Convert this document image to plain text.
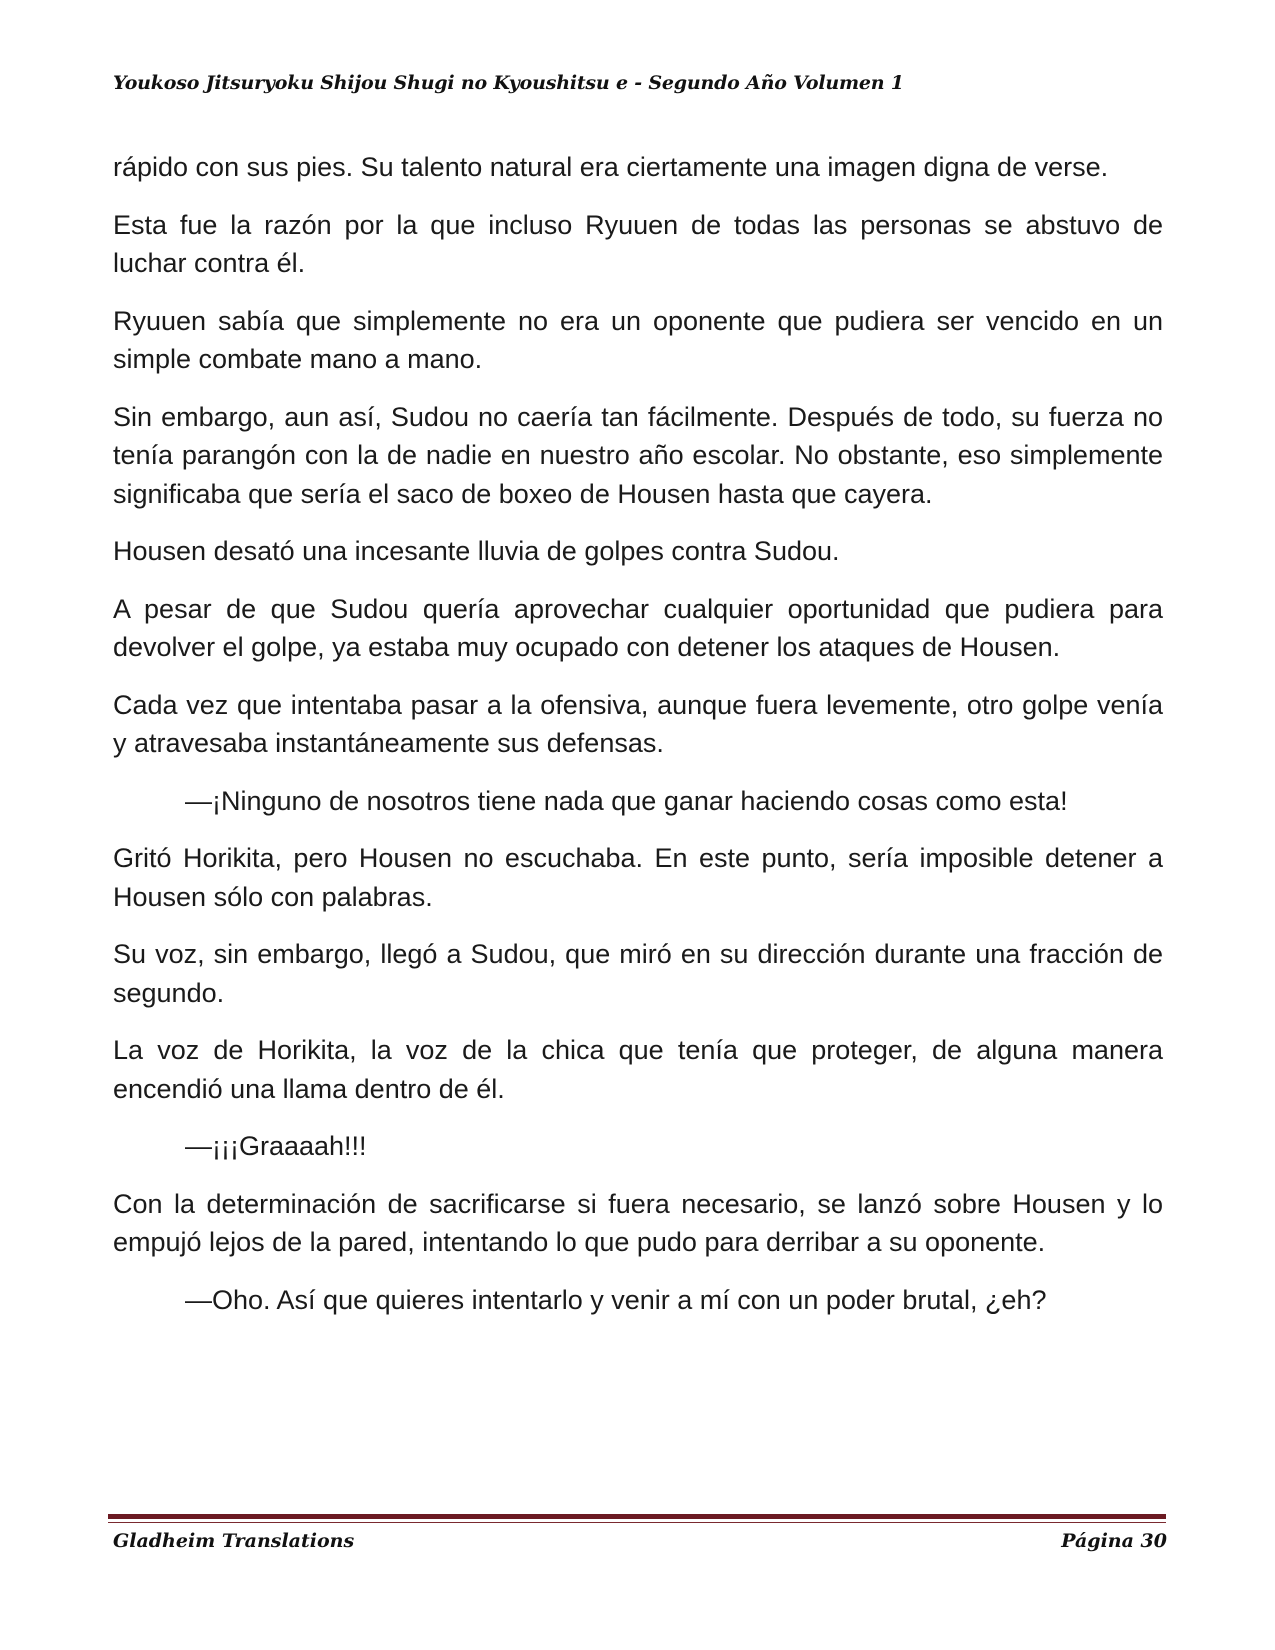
Youkoso Jitsuryoku Shijou Shugi no Kyoushitsu e - Segundo Año Volumen 1

rápido con sus pies. Su talento natural era ciertamente una imagen digna de verse.

Esta fue la razón por la que incluso Ryuuen de todas las personas se abstuvo de luchar contra él.

Ryuuen sabía que simplemente no era un oponente que pudiera ser vencido en un simple combate mano a mano.

Sin embargo, aun así, Sudou no caería tan fácilmente. Después de todo, su fuerza no tenía parangón con la de nadie en nuestro año escolar. No obstante, eso simplemente significaba que sería el saco de boxeo de Housen hasta que cayera.

Housen desató una incesante lluvia de golpes contra Sudou.

A pesar de que Sudou quería aprovechar cualquier oportunidad que pudiera para devolver el golpe, ya estaba muy ocupado con detener los ataques de Housen.

Cada vez que intentaba pasar a la ofensiva, aunque fuera levemente, otro golpe venía y atravesaba instantáneamente sus defensas.

—¡Ninguno de nosotros tiene nada que ganar haciendo cosas como esta!

Gritó Horikita, pero Housen no escuchaba. En este punto, sería imposible detener a Housen sólo con palabras.

Su voz, sin embargo, llegó a Sudou, que miró en su dirección durante una fracción de segundo.

La voz de Horikita, la voz de la chica que tenía que proteger, de alguna manera encendió una llama dentro de él.

—¡¡¡Graaaah!!!

Con la determinación de sacrificarse si fuera necesario, se lanzó sobre Housen y lo empujó lejos de la pared, intentando lo que pudo para derribar a su oponente.

—Oho. Así que quieres intentarlo y venir a mí con un poder brutal, ¿eh?

Gladheim Translations	Página 30
